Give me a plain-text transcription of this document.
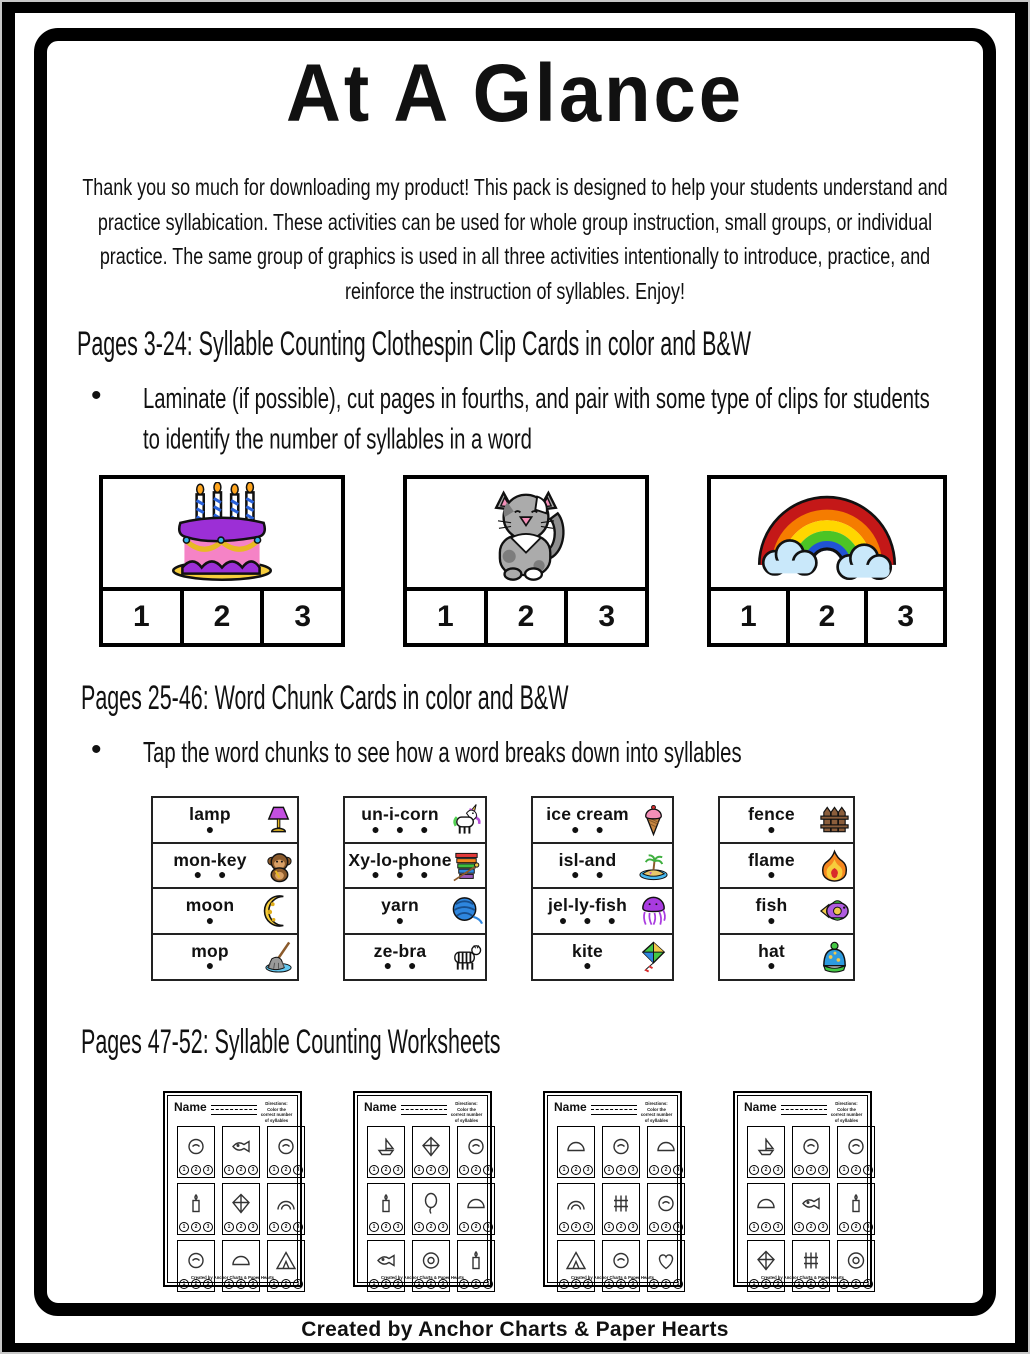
At A Glance

Thank you so much for downloading my product! This pack is designed to help your students understand and practice syllabication. These activities can be used for whole group instruction, small groups, or individual practice. The same group of graphics is used in all three activities intentionally to introduce, practice, and reinforce the instruction of syllables. Enjoy!

Pages 3-24: Syllable Counting Clothespin Clip Cards in color and B&W
•	Laminate (if possible), cut pages in fourths, and pair with some type of clips for students to identify the number of syllables in a word
1	2	3	1	2	3	1	2	3
Pages 25-46: Word Chunk Cards in color and B&W
•	Tap the word chunks to see how a word breaks down into syllables
lamp
●
mon-key
● ●
moon
●
mop
●
un-i-corn
● ● ●
Xy-lo-phone
● ● ●
yarn
●
ze-bra
● ●
ice cream
● ●
isl-and
● ●
jel-ly-fish
● ● ●
kite
●
fence
●
flame
●
fish
●
hat
●
Pages 47-52: Syllable Counting Worksheets
Name	Directions: Color the correct number of syllables
1	2	3	1	2	3	1	2	3
1	2	3	1	2	3	1	2	3
1	2	3	1	2	3	1	2	3
Created by Anchor Charts & Paper Hearts
Name	Directions: Color the correct number of syllables
1	2	3	1	2	3	1	2	3
1	2	3	1	2	3	1	2	3
1	2	3	1	2	3	1	2	3
Created by Anchor Charts & Paper Hearts
Name	Directions: Color the correct number of syllables
1	2	3	1	2	3	1	2	3
1	2	3	1	2	3	1	2	3
1	2	3	1	2	3	1	2	3
Created by Anchor Charts & Paper Hearts
Name	Directions: Color the correct number of syllables
1	2	3	1	2	3	1	2	3
1	2	3	1	2	3	1	2	3
1	2	3	1	2	3	1	2	3
Created by Anchor Charts & Paper Hearts
Created by Anchor Charts & Paper Hearts
